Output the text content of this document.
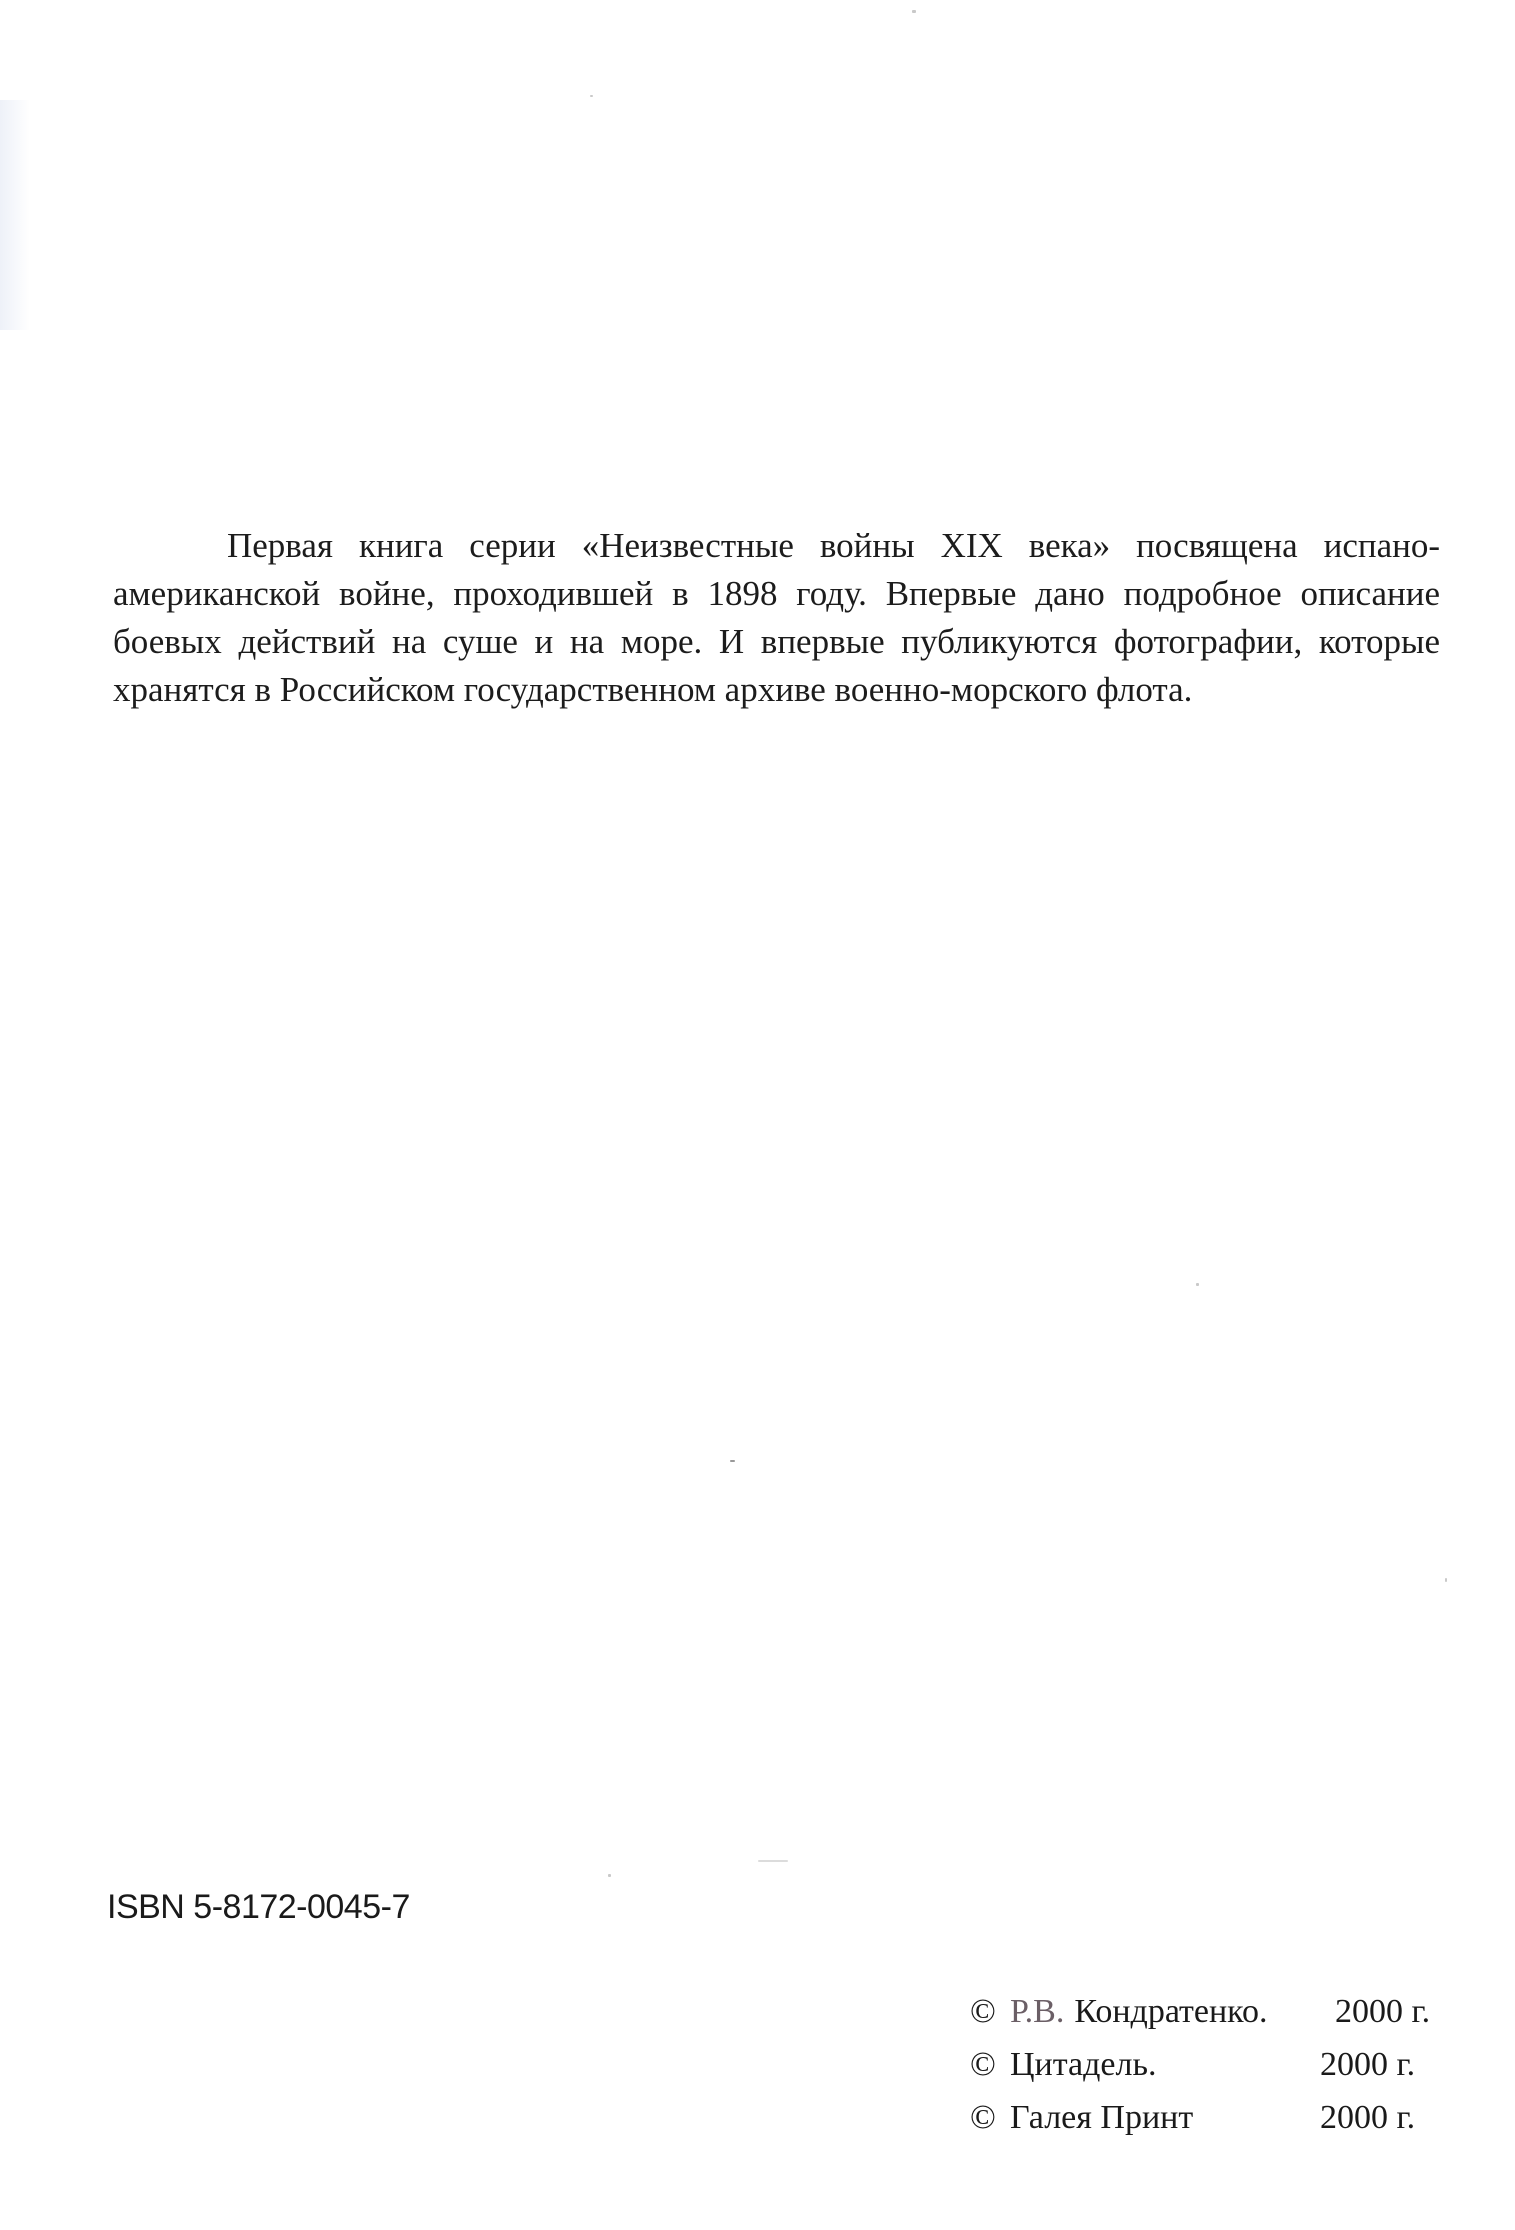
Первая книга серии «Неизвестные войны XIX века» посвящена испано-американской войне, проходившей в 1898 году. Впервые дано подробное описание боевых действий на суше и на море. И впервые публикуются фотографии, которые хранятся в Российском государственном архиве военно-морского флота.

ISBN 5-8172-0045-7
© Р.В. Кондратенко. 2000 г.
© Цитадель.	2000 г.
© Галея Принт	2000 г.
